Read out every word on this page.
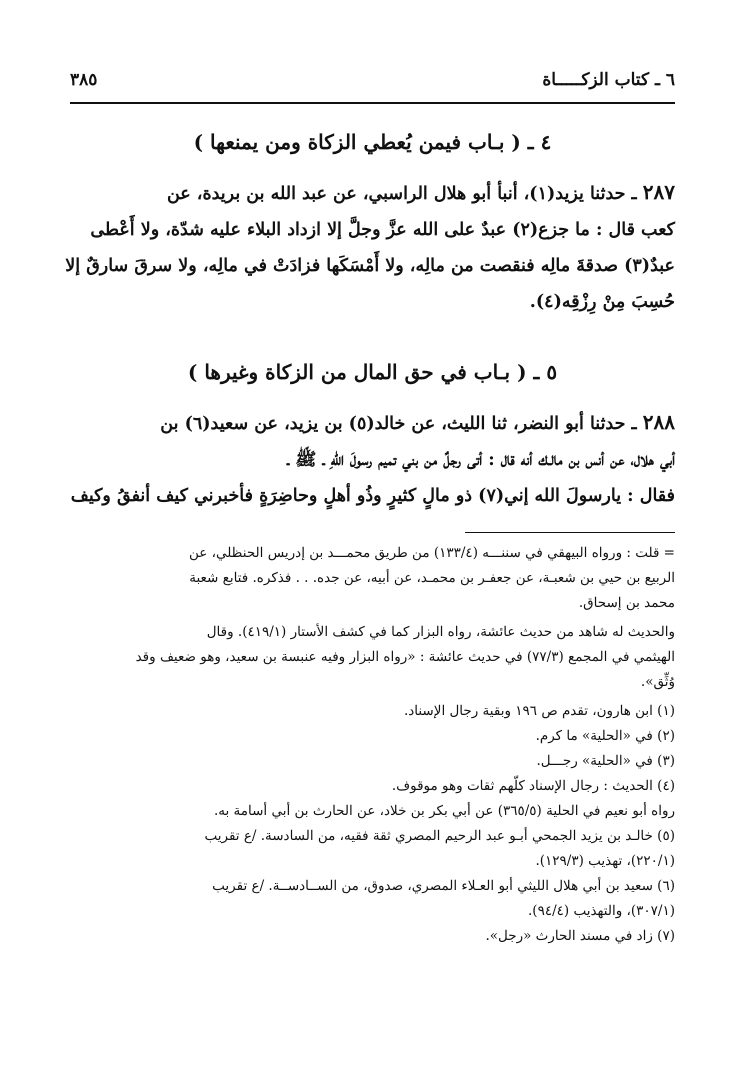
٦ ـ كتاب الزكـــــاة
٣٨٥
٤ ـ ( بـاب فيمن يُعطي الزكاة ومن يمنعها )
٢٨٧ ـ حدثنا يزيد(١)، أنبأ أبو هلال الراسبي، عن عبد الله بن بريدة، عن
كعب قال : ما جزع(٢) عبدٌ على الله عزَّ وجلَّ إلا ازداد البلاء عليه شدّة، ولا أَعْطى
عبدٌ(٣) صدقةَ مالِه فنقصت من مالِه، ولا أَمْسَكَها فزادَتْ في مالِه، ولا سرقَ سارقٌ إلا
حُسِبَ مِنْ رِزْقِه(٤).
٥ ـ ( بـاب في حق المال من الزكاة وغيرها )
٢٨٨ ـ حدثنا أبو النضر، ثنا الليث، عن خالد(٥) بن يزيد، عن سعيد(٦) بن
أبي هلال، عن أنس بن مالـك أنه قال : أتى رجلٌ من بني تميم رسولَ اللهِ ـ ﷺ ـ
فقال : يارسولَ الله إني(٧) ذو مالٍ كثيرٍ وذُو أهلٍ وحاضِرَةٍ فأخبرني كيف أنفقُ وكيف
= قلت : ورواه البيهقي في سننـــه (١٣٣/٤) من طريق محمـــد بن إدريس الحنظلي، عن
الربيع بن حيي بن شعبـة، عن جعفـر بن محمـد، عن أبيه، عن جده. . . فذكره. فتابع شعبة
محمد بن إسحاق.
والحديث له شاهد من حديث عائشة، رواه البزار كما في كشف الأستار (٤١٩/١). وقال
الهيثمي في المجمع (٧٧/٣) في حديث عائشة : «رواه البزار وفيه عنبسة بن سعيد، وهو ضعيف وقد
وُثِّق».
(١) ابن هارون، تقدم ص ١٩٦ وبقية رجال الإسناد.
(٢) في «الحلية» ما كرم.
(٣) في «الحلية» رجـــل.
(٤) الحديث : رجال الإسناد كلّهم ثقات وهو موقوف.
رواه أبو نعيم في الحلية (٣٦٥/٥) عن أبي بكر بن خلاد، عن الحارث بن أبي أسامة به.
(٥) خالـد بن يزيد الجمحي أبـو عبد الرحيم المصري ثقة فقيه، من السادسة. /ع تقريب
(٢٢٠/١)، تهذيب (١٢٩/٣).
(٦) سعيد بن أبي هلال الليثي أبو العـلاء المصري، صدوق، من الســادســة. /ع تقريب
(٣٠٧/١)، والتهذيب (٩٤/٤).
(٧) زاد في مسند الحارث «رجل».
